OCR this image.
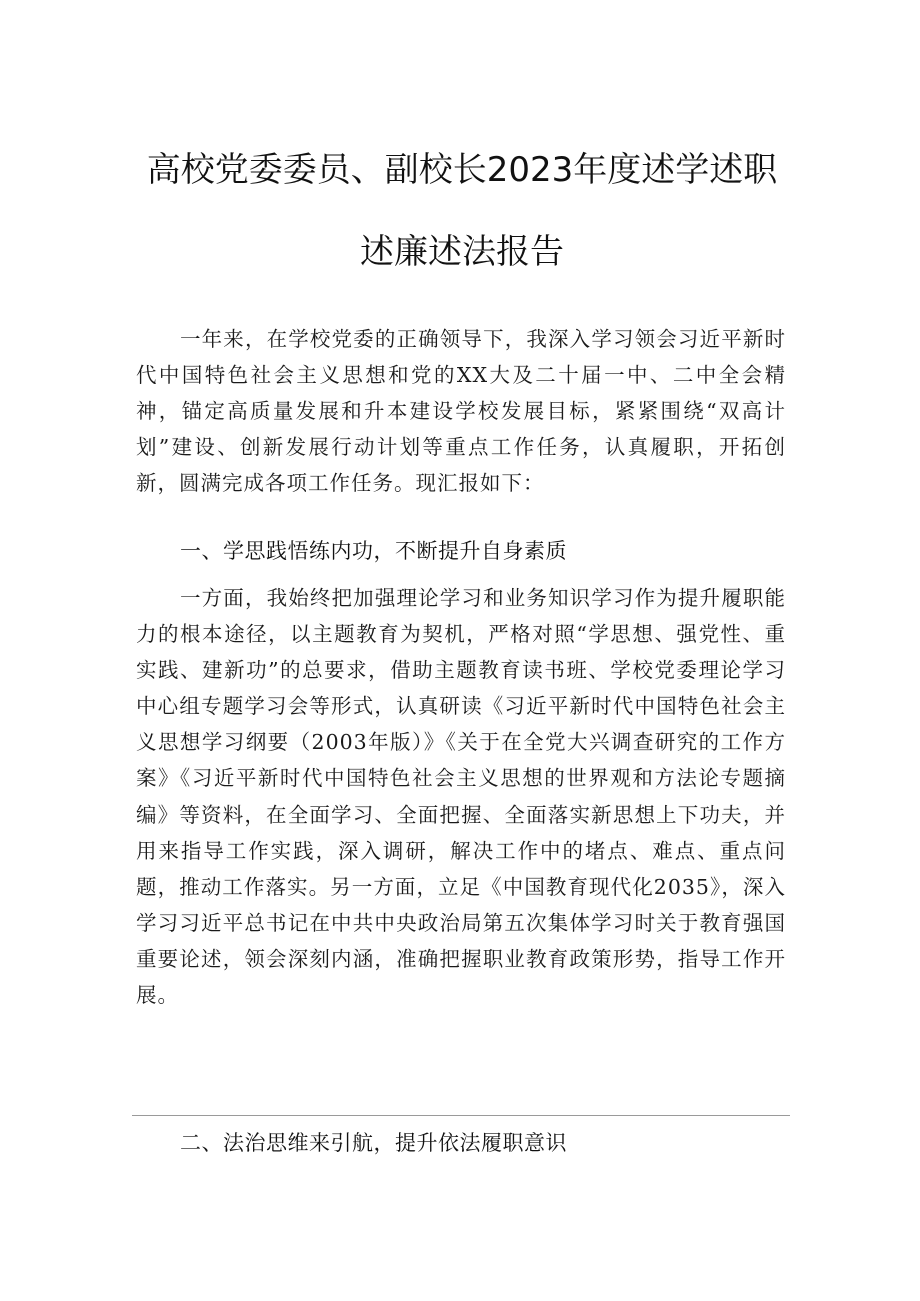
高校党委委员、副校长2023年度述学述职
述廉述法报告

一年来，在学校党委的正确领导下，我深入学习领会习近平新时代中国特色社会主义思想和党的XX大及二十届一中、二中全会精神，锚定高质量发展和升本建设学校发展目标，紧紧围绕“双高计划”建设、创新发展行动计划等重点工作任务，认真履职，开拓创新，圆满完成各项工作任务。现汇报如下：

一、学思践悟练内功，不断提升自身素质

一方面，我始终把加强理论学习和业务知识学习作为提升履职能力的根本途径，以主题教育为契机，严格对照“学思想、强党性、重实践、建新功”的总要求，借助主题教育读书班、学校党委理论学习中心组专题学习会等形式，认真研读《习近平新时代中国特色社会主义思想学习纲要（2003年版）》《关于在全党大兴调查研究的工作方案》《习近平新时代中国特色社会主义思想的世界观和方法论专题摘编》等资料，在全面学习、全面把握、全面落实新思想上下功夫，并用来指导工作实践，深入调研，解决工作中的堵点、难点、重点问题，推动工作落实。另一方面，立足《中国教育现代化2035》，深入学习习近平总书记在中共中央政治局第五次集体学习时关于教育强国重要论述，领会深刻内涵，准确把握职业教育政策形势，指导工作开展。

二、法治思维来引航，提升依法履职意识
